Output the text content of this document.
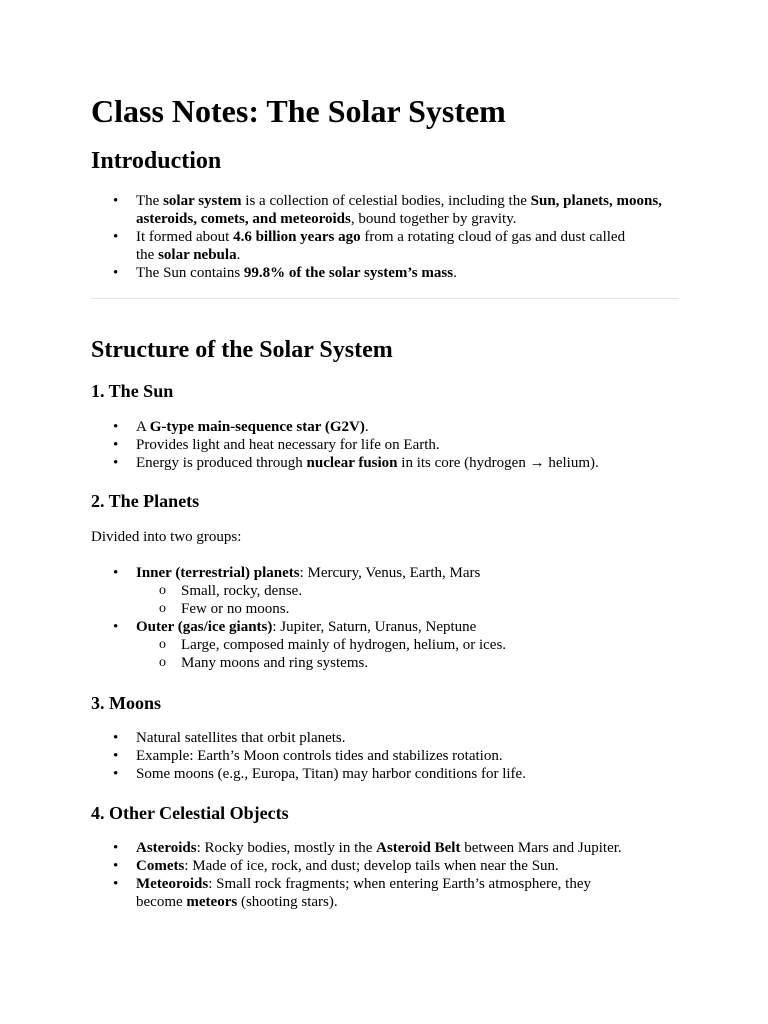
Class Notes: The Solar System
Introduction
• The solar system is a collection of celestial bodies, including the Sun, planets, moons,
asteroids, comets, and meteoroids, bound together by gravity.
• It formed about 4.6 billion years ago from a rotating cloud of gas and dust called
the solar nebula.
• The Sun contains 99.8% of the solar system’s mass.
Structure of the Solar System
1. The Sun
• A G-type main-sequence star (G2V).
• Provides light and heat necessary for life on Earth.
• Energy is produced through nuclear fusion in its core (hydrogen → helium).
2. The Planets

Divided into two groups:

• Inner (terrestrial) planets: Mercury, Venus, Earth, Mars
o Small, rocky, dense.
o Few or no moons.
• Outer (gas/ice giants): Jupiter, Saturn, Uranus, Neptune
o Large, composed mainly of hydrogen, helium, or ices.
o Many moons and ring systems.
3. Moons
• Natural satellites that orbit planets.
• Example: Earth’s Moon controls tides and stabilizes rotation.
• Some moons (e.g., Europa, Titan) may harbor conditions for life.
4. Other Celestial Objects
• Asteroids: Rocky bodies, mostly in the Asteroid Belt between Mars and Jupiter.
• Comets: Made of ice, rock, and dust; develop tails when near the Sun.
• Meteoroids: Small rock fragments; when entering Earth’s atmosphere, they
become meteors (shooting stars).
